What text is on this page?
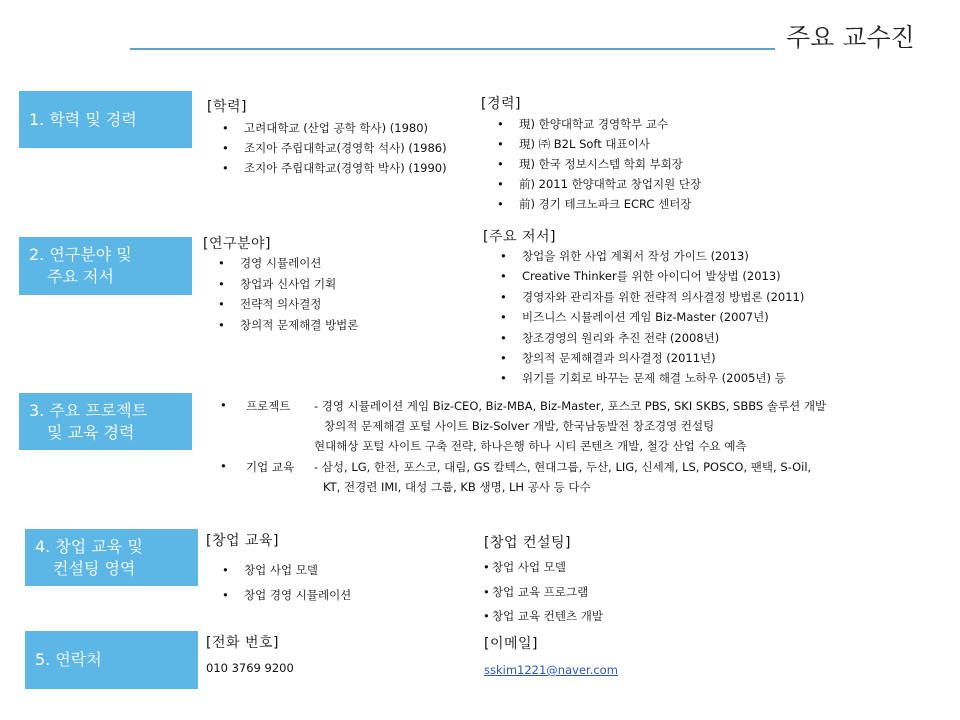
주요 교수진
1. 학력 및 경력
2. 연구분야 및
주요 저서
3. 주요 프로젝트
및 교육 경력
4. 창업 교육 및
컨설팅 영역
5. 연락처
[학력]
• 고려대학교 (산업 공학 학사) (1980)
• 조지아 주립대학교(경영학 석사) (1986)
• 조지아 주립대학교(경영학 박사) (1990)
[경력]
• 現) 한양대학교 경영학부 교수
• 現) ㈜ B2L Soft 대표이사
• 現) 한국 정보시스템 학회 부회장
• 前) 2011 한양대학교 창업지원 단장
• 前) 경기 테크노파크 ECRC 센터장
[연구분야]
• 경영 시뮬레이션
• 창업과 신사업 기획
• 전략적 의사결정
• 창의적 문제해결 방법론
[주요 저서]
• 창업을 위한 사업 계획서 작성 가이드 (2013)
• Creative Thinker를 위한 아이디어 발상법 (2013)
• 경영자와 관리자를 위한 전략적 의사결정 방법론 (2011)
• 비즈니스 시뮬레이션 게임 Biz-Master (2007년)
• 창조경영의 원리와 추진 전략 (2008년)
• 창의적 문제해결과 의사결정 (2011년)
• 위기를 기회로 바꾸는 문제 해결 노하우 (2005년) 등
• 프로젝트 - 경영 시뮬레이션 게임 Biz-CEO, Biz-MBA, Biz-Master, 포스코 PBS, SKI SKBS, SBBS 솔루션 개발
창의적 문제해결 포털 사이트 Biz-Solver 개발, 한국남동발전 창조경영 컨설팅
현대해상 포털 사이트 구축 전략, 하나은행 하나 시티 콘텐츠 개발, 철강 산업 수요 예측
• 기업 교육 - 삼성, LG, 한전, 포스코, 대림, GS 칼텍스, 현대그룹, 두산, LIG, 신세계, LS, POSCO, 팬택, S-Oil,
KT, 전경련 IMI, 대성 그룹, KB 생명, LH 공사 등 다수
[창업 교육]
• 창업 사업 모델
• 창업 경영 시뮬레이션
[창업 컨설팅]
• 창업 사업 모델
• 창업 교육 프로그램
• 창업 교육 컨텐츠 개발
[전화 번호]
010 3769 9200
[이메일]
sskim1221@naver.com
